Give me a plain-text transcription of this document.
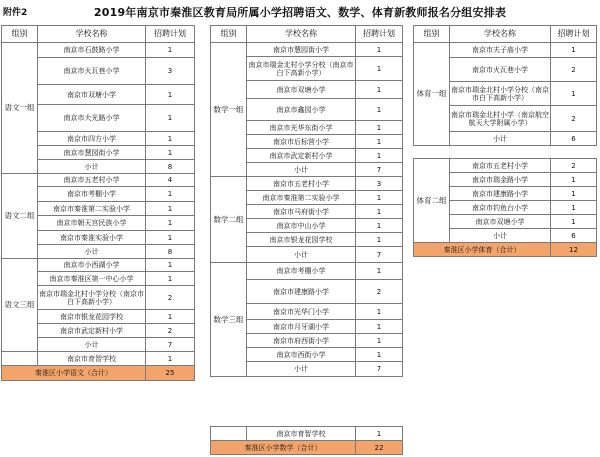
附件2	2019年南京市秦淮区教育局所属小学招聘语文、数学、体育新教师报名分组安排表
组别	学校名称	招聘计划
语文一组	南京市石鼓路小学	1
	南京市火瓦巷小学	3
	南京市双塘小学	1
	南京市大光路小学	1
	南京市四方小学	1
	南京市慧园街小学	1
	小计	8
语文二组	南京市五老村小学	4
	南京市考棚小学	1
	南京市秦淮第二实验小学	1
	南京市朝天宫民族小学	1
	南京市秦淮实验小学	1
	小计	8
语文三组	南京市小西湖小学	1
	南京市秦淮区第一中心小学	1
	南京市瑞金北村小学分校（南京市白下高新小学）	2
	南京市银龙花园学校	1
	南京市武定新村小学	2
	小计	7
	南京市育智学校	1
秦淮区小学语文（合计）		25
组别	学校名称	招聘计划
数学一组	南京市慧园街小学	1
	南京市瑞金北村小学分校（南京市白下高新小学）	1
	南京市双塘小学	1
	南京市鑫园小学	1
	南京市光华东街小学	1
	南京市后标营小学	1
	南京市武定新村小学	1
	小计	7
数学二组	南京市五老村小学	3
	南京市秦淮第二实验小学	1
	南京市马府街小学	1
	南京市中山小学	1
	南京市银龙花园学校	1
	小计	7
数学三组	南京市考棚小学	1
	南京市建康路小学	2
	南京市光华门小学	1
	南京市月牙湖小学	1
	南京市府西街小学	1
	南京市西街小学	1
	小计	7
	南京市育智学校	1
秦淮区小学数学（合计）		22
组别	学校名称	招聘计划
体育一组	南京市夫子庙小学	1
	南京市火瓦巷小学	2
	南京市瑞金北村小学分校（南京市白下高新小学）	1
	南京市瑞金北村小学（南京航空航天大学附属小学）	2
	小计	6
体育二组	南京市五老村小学	2
	南京市瑞金路小学	1
	南京市建康路小学	1
	南京市钓鱼台小学	1
	南京市双塘小学	1
	小计	6
秦淮区小学体育（合计）		12
